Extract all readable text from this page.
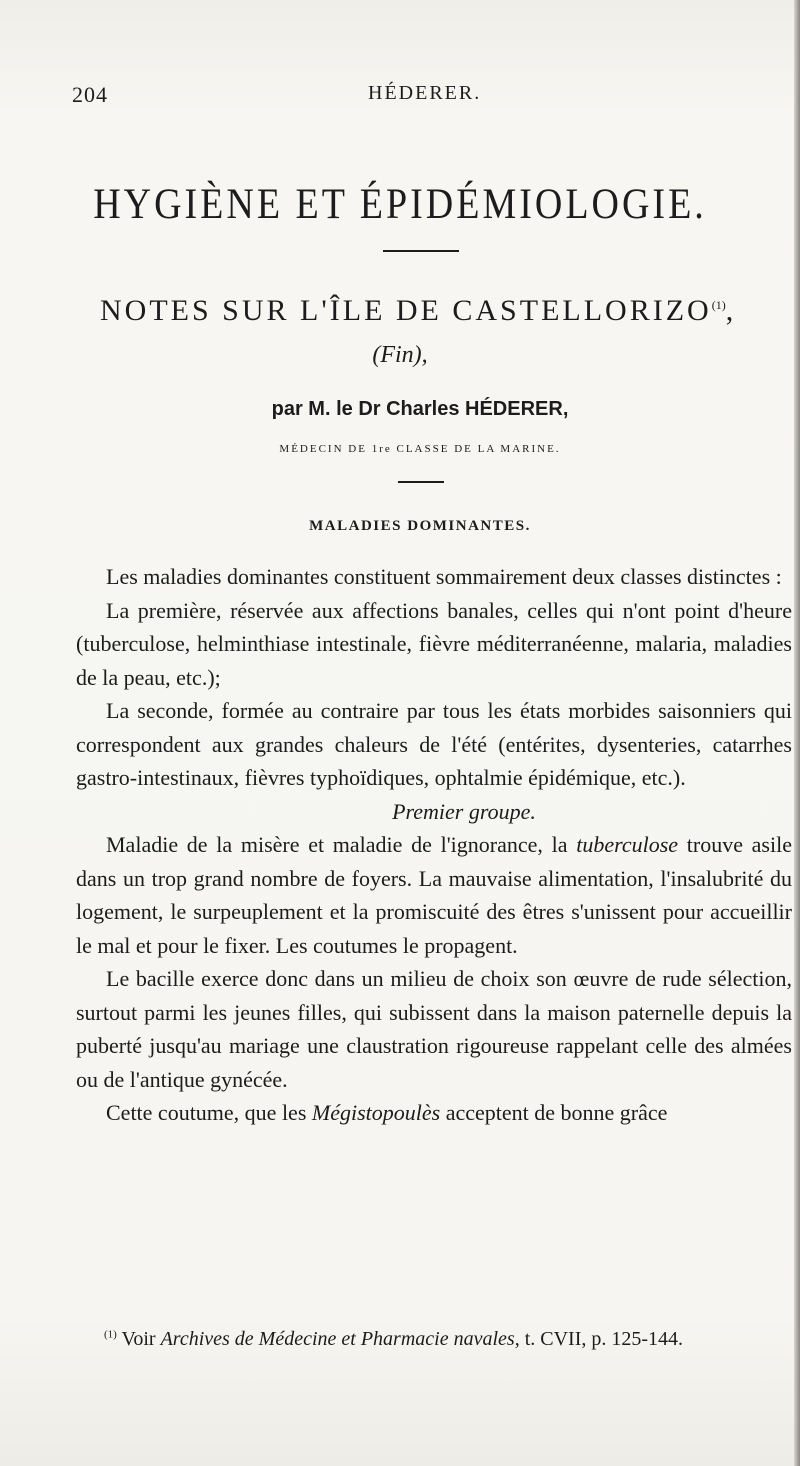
204	HÉDERER.
HYGIÈNE ET ÉPIDÉMIOLOGIE.
NOTES SUR L'ÎLE DE CASTELLORIZO$^{(1)}$,
(Fin),
par M. le Dr Charles HÉDERER,
MÉDECIN DE 1re CLASSE DE LA MARINE.
MALADIES DOMINANTES.

Les maladies dominantes constituent sommairement deux classes distinctes :

La première, réservée aux affections banales, celles qui n'ont point d'heure (tuberculose, helminthiase intestinale, fièvre méditerranéenne, malaria, maladies de la peau, etc.);

La seconde, formée au contraire par tous les états morbides saisonniers qui correspondent aux grandes chaleurs de l'été (entérites, dysenteries, catarrhes gastro-intestinaux, fièvres typhoïdiques, ophtalmie épidémique, etc.).

Premier groupe.

Maladie de la misère et maladie de l'ignorance, la tuberculose trouve asile dans un trop grand nombre de foyers. La mauvaise alimentation, l'insalubrité du logement, le surpeuplement et la promiscuité des êtres s'unissent pour accueillir le mal et pour le fixer. Les coutumes le propagent.

Le bacille exerce donc dans un milieu de choix son œuvre de rude sélection, surtout parmi les jeunes filles, qui subissent dans la maison paternelle depuis la puberté jusqu'au mariage une claustration rigoureuse rappelant celle des almées ou de l'antique gynécée.

Cette coutume, que les Mégistopoulès acceptent de bonne grâce

$^{(1)}$ Voir Archives de Médecine et Pharmacie navales, t. CVII, p. 125-144.
